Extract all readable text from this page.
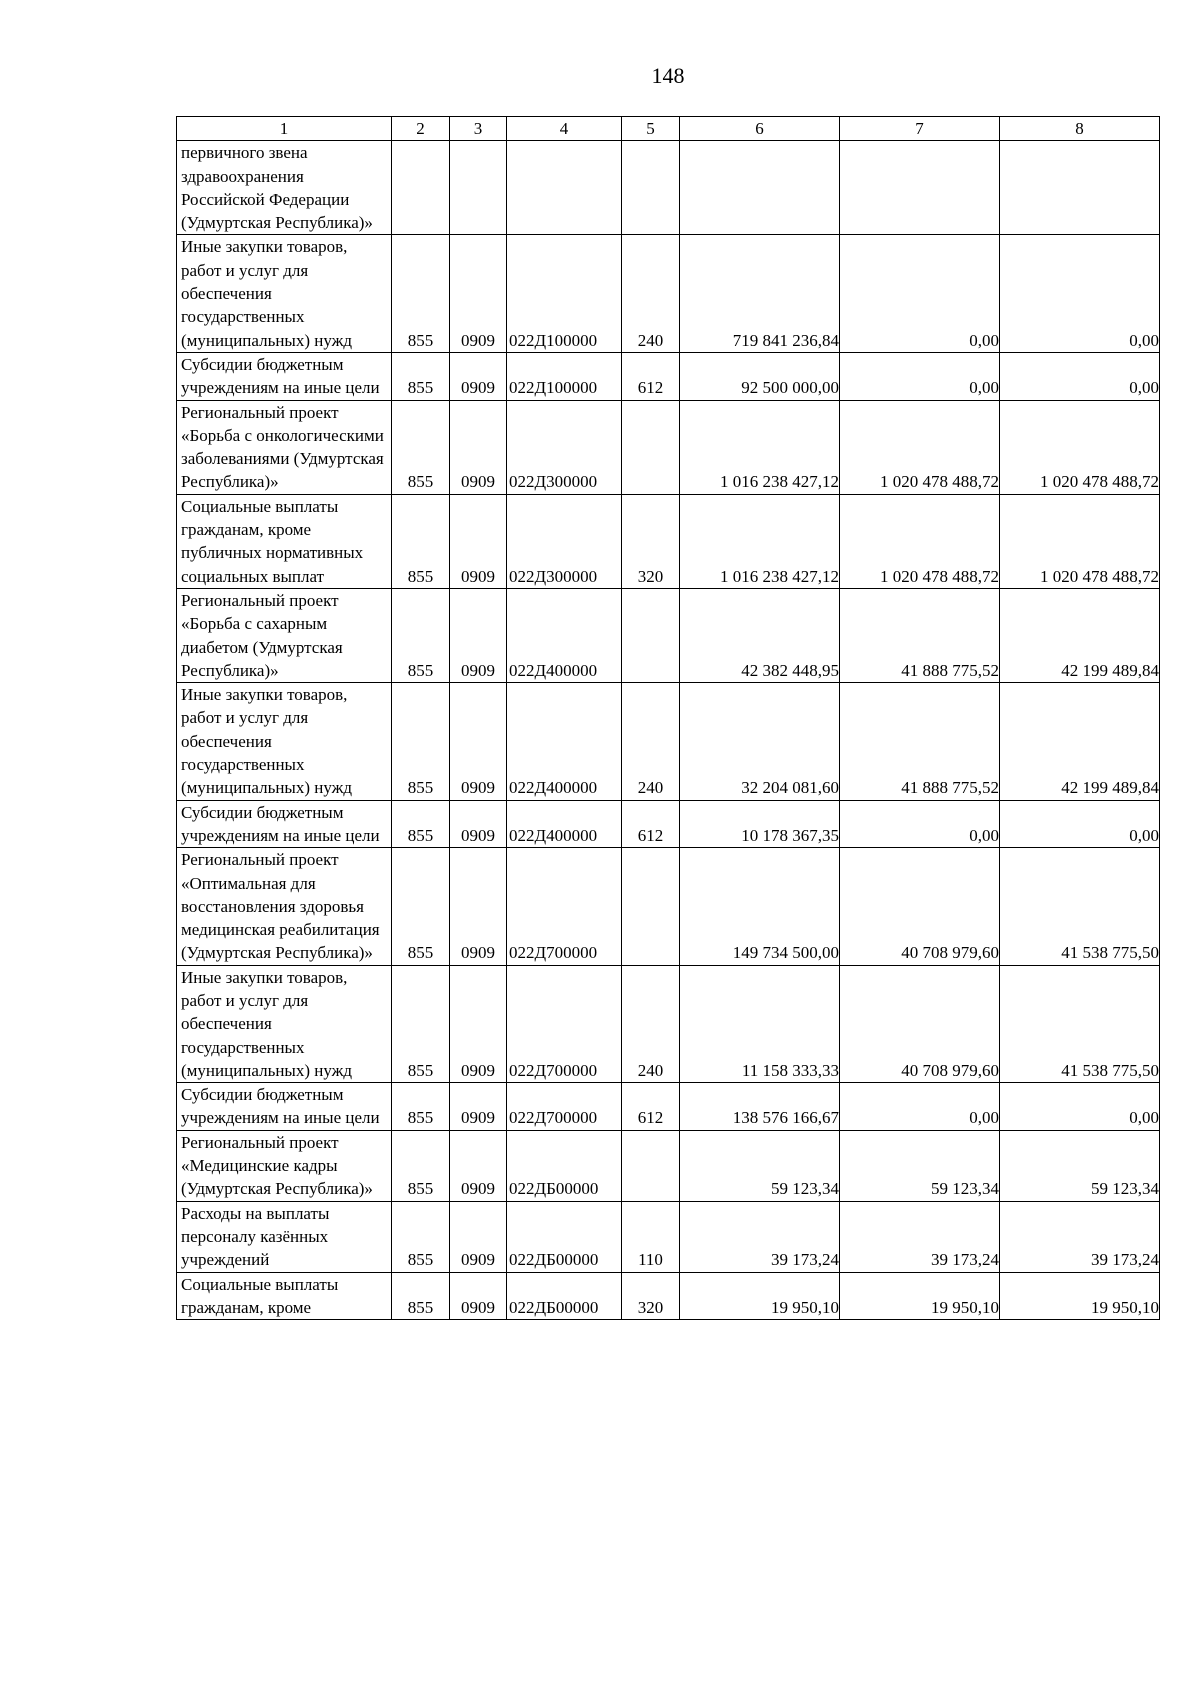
148
1	2	3	4	5	6	7	8
первичного звена здравоохранения Российской Федерации (Удмуртская Республика)»							
Иные закупки товаров, работ и услуг для обеспечения государственных (муниципальных) нужд	855	0909	022Д100000	240	719 841 236,84	0,00	0,00
Субсидии бюджетным учреждениям на иные цели	855	0909	022Д100000	612	92 500 000,00	0,00	0,00
Региональный проект «Борьба с онкологическими заболеваниями (Удмуртская Республика)»	855	0909	022Д300000		1 016 238 427,12	1 020 478 488,72	1 020 478 488,72
Социальные выплаты гражданам, кроме публичных нормативных социальных выплат	855	0909	022Д300000	320	1 016 238 427,12	1 020 478 488,72	1 020 478 488,72
Региональный проект «Борьба с сахарным диабетом (Удмуртская Республика)»	855	0909	022Д400000		42 382 448,95	41 888 775,52	42 199 489,84
Иные закупки товаров, работ и услуг для обеспечения государственных (муниципальных) нужд	855	0909	022Д400000	240	32 204 081,60	41 888 775,52	42 199 489,84
Субсидии бюджетным учреждениям на иные цели	855	0909	022Д400000	612	10 178 367,35	0,00	0,00
Региональный проект «Оптимальная для восстановления здоровья медицинская реабилитация (Удмуртская Республика)»	855	0909	022Д700000		149 734 500,00	40 708 979,60	41 538 775,50
Иные закупки товаров, работ и услуг для обеспечения государственных (муниципальных) нужд	855	0909	022Д700000	240	11 158 333,33	40 708 979,60	41 538 775,50
Субсидии бюджетным учреждениям на иные цели	855	0909	022Д700000	612	138 576 166,67	0,00	0,00
Региональный проект «Медицинские кадры (Удмуртская Республика)»	855	0909	022ДБ00000		59 123,34	59 123,34	59 123,34
Расходы на выплаты персоналу казённых учреждений	855	0909	022ДБ00000	110	39 173,24	39 173,24	39 173,24
Социальные выплаты гражданам, кроме	855	0909	022ДБ00000	320	19 950,10	19 950,10	19 950,10
